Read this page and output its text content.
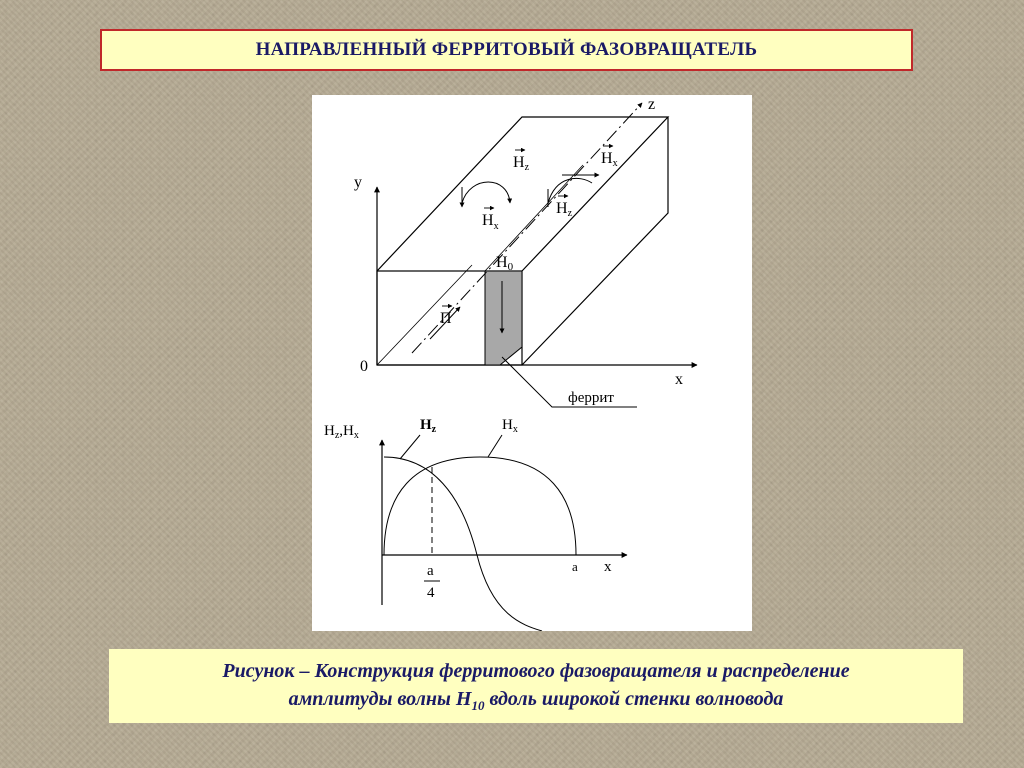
НАПРАВЛЕННЫЙ ФЕРРИТОВЫЙ ФАЗОВРАЩАТЕЛЬ
y
0
x
z
H0
П
Hz
Hx
$H_x$
Hz
феррит
$H_z,H_x$
$H_z$	$H_x$
a
4
a x
Рисунок – Конструкция ферритового фазовращателя и распределение
амплитуды волны $H_{10}$ вдоль широкой стенки волновода
